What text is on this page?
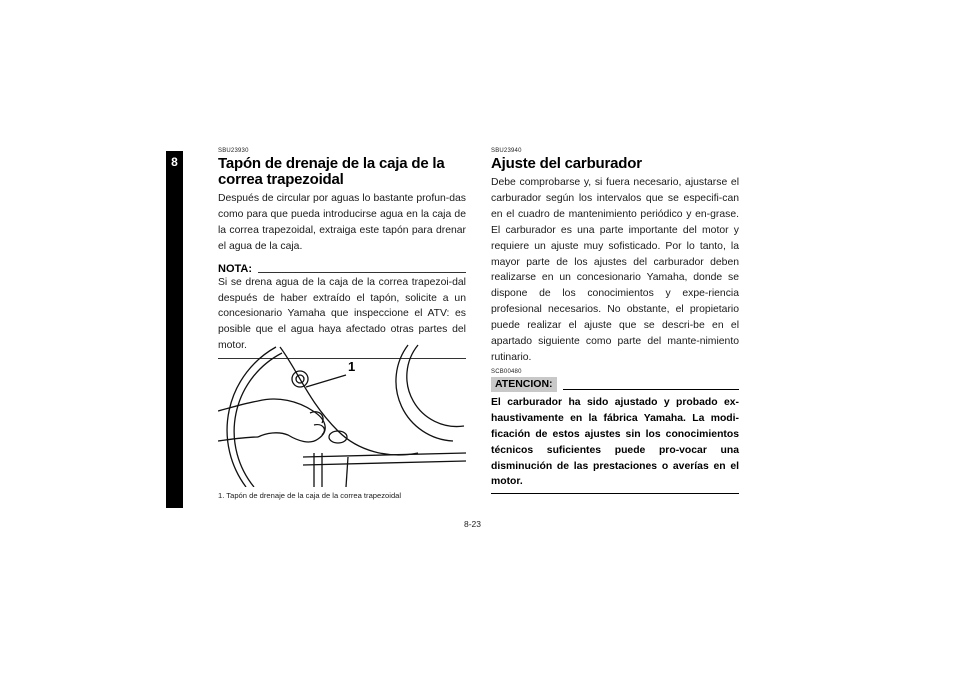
8

SBU23930

Tapón de drenaje de la caja de la correa trapezoidal

Después de circular por aguas lo bastante profun-das como para que pueda introducirse agua en la caja de la correa trapezoidal, extraiga este tapón para drenar el agua de la caja.

NOTA:

Si se drena agua de la caja de la correa trapezoi-dal después de haber extraído el tapón, solicite a un concesionario Yamaha que inspeccione el ATV: es posible que el agua haya afectado otras partes del motor.

1
1. Tapón de drenaje de la caja de la correa trapezoidal

SBU23940

Ajuste del carburador

Debe comprobarse y, si fuera necesario, ajustarse el carburador según los intervalos que se especifi-can en el cuadro de mantenimiento periódico y en-grase. El carburador es una parte importante del motor y requiere un ajuste muy sofisticado. Por lo tanto, la mayor parte de los ajustes del carburador deben realizarse en un concesionario Yamaha, donde se dispone de los conocimientos y expe-riencia profesional necesarios. No obstante, el propietario puede realizar el ajuste que se descri-be en el apartado siguiente como parte del mante-nimiento rutinario.

SCB00480

ATENCION:

El carburador ha sido ajustado y probado ex-haustivamente en la fábrica Yamaha. La modi-ficación de estos ajustes sin los conocimientos técnicos suficientes puede pro-vocar una disminución de las prestaciones o averías en el motor.

8-23
